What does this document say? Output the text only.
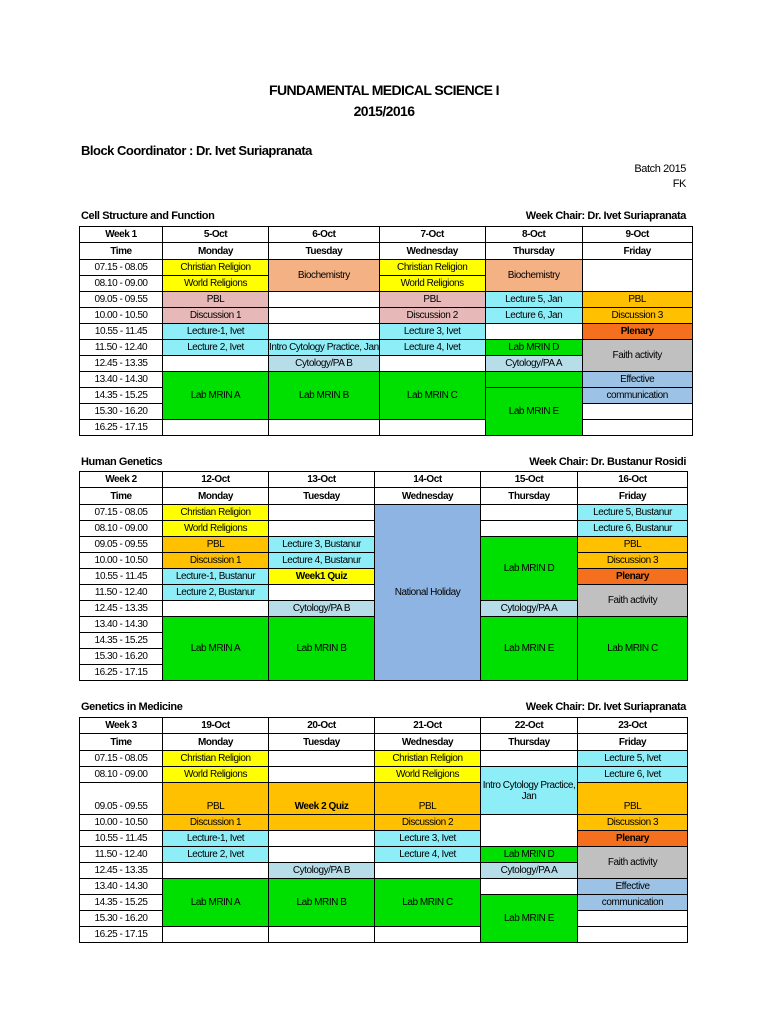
FUNDAMENTAL MEDICAL SCIENCE I
2015/2016
Block Coordinator : Dr. Ivet Suriapranata
Batch 2015
FK
Cell Structure and Function	Week Chair: Dr. Ivet Suriapranata
Week 1	5-Oct	6-Oct	7-Oct	8-Oct	9-Oct
Time	Monday	Tuesday	Wednesday	Thursday	Friday
07.15 - 08.05	Christian Religion	Biochemistry	Christian Religion	Biochemistry	
08.10 - 09.00	World Religions		World Religions		
09.05 - 09.55	PBL		PBL	Lecture 5, Jan	PBL
10.00 - 10.50	Discussion 1		Discussion 2	Lecture 6, Jan	Discussion 3
10.55 - 11.45	Lecture-1, Ivet		Lecture 3, Ivet		Plenary
11.50 - 12.40	Lecture 2, Ivet	Intro Cytology Practice, Jan	Lecture 4, Ivet	Lab MRIN D	Faith activity
12.45 - 13.35		Cytology/PA B		Cytology/PA A	
13.40 - 14.30	Lab MRIN A	Lab MRIN B	Lab MRIN C		Effective
14.35 - 15.25				Lab MRIN E	communication
15.30 - 16.20					
16.25 - 17.15					
Human Genetics	Week Chair: Dr. Bustanur Rosidi
Week 2	12-Oct	13-Oct	14-Oct	15-Oct	16-Oct
Time	Monday	Tuesday	Wednesday	Thursday	Friday
07.15 - 08.05	Christian Religion		National Holiday		Lecture 5, Bustanur
08.10 - 09.00	World Religions				Lecture 6, Bustanur
09.05 - 09.55	PBL	Lecture 3, Bustanur		Lab MRIN D	PBL
10.00 - 10.50	Discussion 1	Lecture 4, Bustanur			Discussion 3
10.55 - 11.45	Lecture-1, Bustanur	Week1 Quiz			Plenary
11.50 - 12.40	Lecture 2, Bustanur				Faith activity
12.45 - 13.35		Cytology/PA B		Cytology/PA A	
13.40 - 14.30	Lab MRIN A	Lab MRIN B		Lab MRIN E	Lab MRIN C
14.35 - 15.25					
15.30 - 16.20					
16.25 - 17.15					
Genetics in Medicine	Week Chair: Dr. Ivet Suriapranata
Week 3	19-Oct	20-Oct	21-Oct	22-Oct	23-Oct
Time	Monday	Tuesday	Wednesday	Thursday	Friday
07.15 - 08.05	Christian Religion		Christian Religion		Lecture 5, Ivet
08.10 - 09.00	World Religions		World Religions	Intro Cytology Practice, Jan	Lecture 6, Ivet
09.05 - 09.55	PBL	Week 2 Quiz	PBL		PBL
10.00 - 10.50	Discussion 1		Discussion 2		Discussion 3
10.55 - 11.45	Lecture-1, Ivet		Lecture 3, Ivet		Plenary
11.50 - 12.40	Lecture 2, Ivet		Lecture 4, Ivet	Lab MRIN D	Faith activity
12.45 - 13.35		Cytology/PA B		Cytology/PA A	
13.40 - 14.30	Lab MRIN A	Lab MRIN B	Lab MRIN C		Effective
14.35 - 15.25				Lab MRIN E	communication
15.30 - 16.20					
16.25 - 17.15					
